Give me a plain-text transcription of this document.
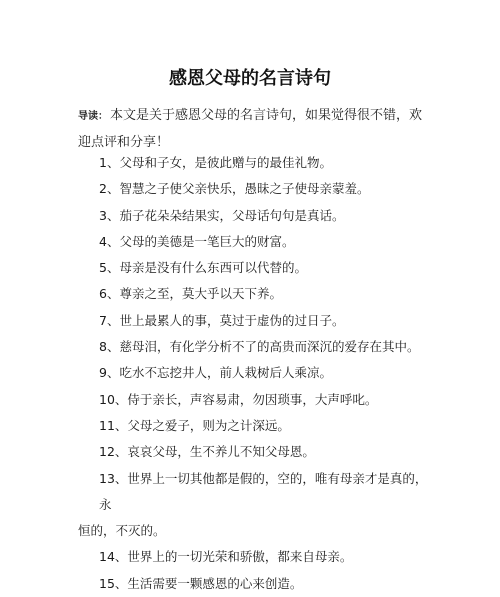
感恩父母的名言诗句
导读： 本文是关于感恩父母的名言诗句，如果觉得很不错，欢迎点评和分享！
1、父母和子女，是彼此赠与的最佳礼物。
2、智慧之子使父亲快乐，愚昧之子使母亲蒙羞。
3、茄子花朵朵结果实，父母话句句是真话。
4、父母的美德是一笔巨大的财富。
5、母亲是没有什么东西可以代替的。
6、尊亲之至，莫大乎以天下养。
7、世上最累人的事，莫过于虚伪的过日子。
8、慈母泪，有化学分析不了的高贵而深沉的爱存在其中。
9、吃水不忘挖井人，前人栽树后人乘凉。
10、侍于亲长，声容易肃，勿因琐事，大声呼叱。
11、父母之爱子，则为之计深远。
12、哀哀父母，生不养儿不知父母恩。
13、世界上一切其他都是假的，空的，唯有母亲才是真的，永
恒的，不灭的。
14、世界上的一切光荣和骄傲，都来自母亲。
15、生活需要一颗感恩的心来创造。
